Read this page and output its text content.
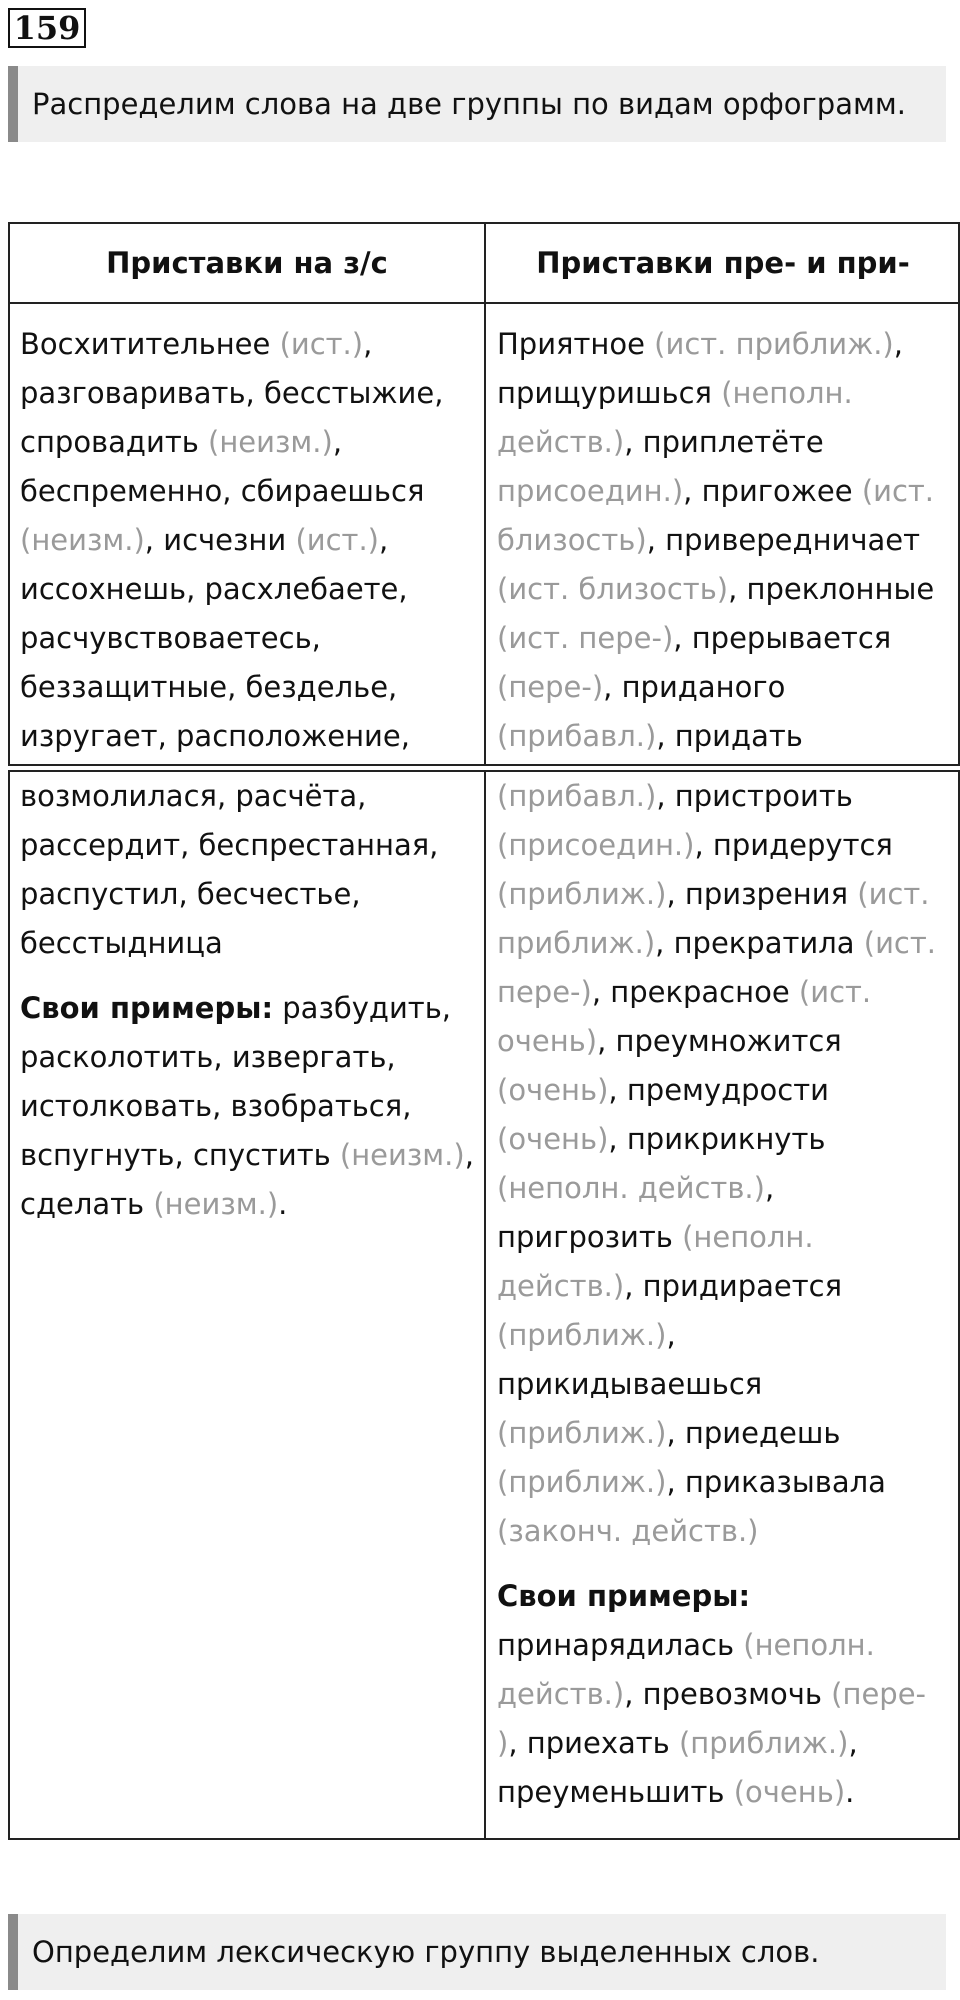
159
Распределим слова на две группы по видам орфограмм.
Приставки на з/с	Приставки пре- и при-
Восхитительнее (ист.),
разговаривать, бесстыжие,
спровадить (неизм.),
беспременно, сбираешься
(неизм.), исчезни (ист.),
иссохнешь, расхлебаете,
расчувствоваетесь,
беззащитные, безделье,
изругает, расположение,
Приятное (ист. приближ.),
прищуришься (неполн.
действ.), приплетёте
присоедин.), пригожее (ист.
близость), привередничает
(ист. близость), преклонные
(ист. пере-), прерывается
(пере-), приданого
(прибавл.), придать
возмолилася, расчёта,
рассердит, беспрестанная,
распустил, бесчестье,
бесстыдница
Свои примеры: разбудить,
расколотить, извергать,
истолковать, взобраться,
вспугнуть, спустить (неизм.),
сделать (неизм.).
(прибавл.), пристроить
(присоедин.), придерутся
(приближ.), призрения (ист.
приближ.), прекратила (ист.
пере-), прекрасное (ист.
очень), преумножится
(очень), премудрости
(очень), прикрикнуть
(неполн. действ.),
пригрозить (неполн.
действ.), придирается
(приближ.),
прикидываешься
(приближ.), приедешь
(приближ.), приказывала
(законч. действ.)
Свои примеры:
принарядилась (неполн.
действ.), превозмочь (пере-
), приехать (приближ.),
преуменьшить (очень).
Определим лексическую группу выделенных слов.
